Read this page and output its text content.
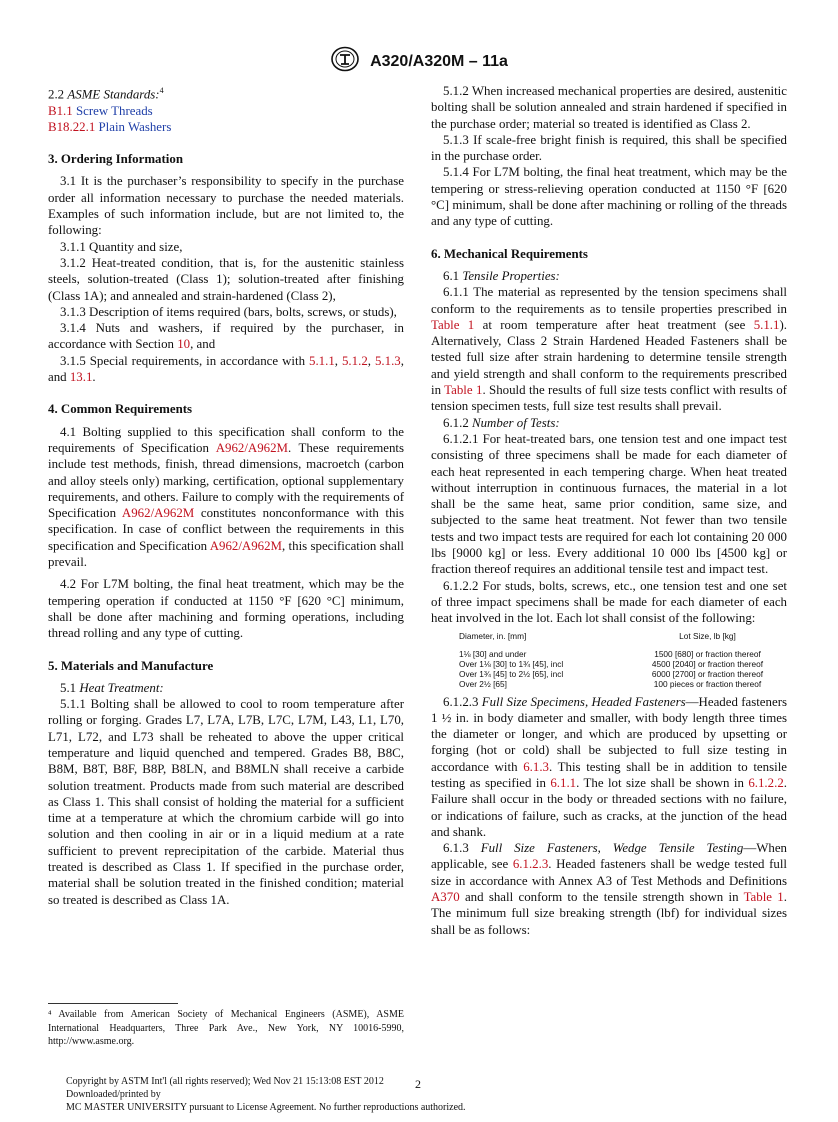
A320/A320M – 11a

2.2 ASME Standards:$^4$

B1.1 Screw Threads

B18.22.1 Plain Washers

3. Ordering Information

3.1 It is the purchaser’s responsibility to specify in the purchase order all information necessary to purchase the needed materials. Examples of such information include, but are not limited to, the following:

3.1.1 Quantity and size,

3.1.2 Heat-treated condition, that is, for the austenitic stainless steels, solution-treated (Class 1); solution-treated after finishing (Class 1A); and annealed and strain-hardened (Class 2),

3.1.3 Description of items required (bars, bolts, screws, or studs),

3.1.4 Nuts and washers, if required by the purchaser, in accordance with Section 10, and

3.1.5 Special requirements, in accordance with 5.1.1, 5.1.2, 5.1.3, and 13.1.

4. Common Requirements

4.1 Bolting supplied to this specification shall conform to the requirements of Specification A962/A962M. These requirements include test methods, finish, thread dimensions, macroetch (carbon and alloy steels only) marking, certification, optional supplementary requirements, and others. Failure to comply with the requirements of Specification A962/A962M constitutes nonconformance with this specification. In case of conflict between the requirements in this specification and Specification A962/A962M, this specification shall prevail.

4.2 For L7M bolting, the final heat treatment, which may be the tempering operation if conducted at 1150 °F [620 °C] minimum, shall be done after machining and forming operations, including thread rolling and any type of cutting.

5. Materials and Manufacture

5.1 Heat Treatment:

5.1.1 Bolting shall be allowed to cool to room temperature after rolling or forging. Grades L7, L7A, L7B, L7C, L7M, L43, L1, L70, L71, L72, and L73 shall be reheated to above the upper critical temperature and liquid quenched and tempered. Grades B8, B8C, B8M, B8T, B8F, B8P, B8LN, and B8MLN shall receive a carbide solution treatment. Products made from such material are described as Class 1. This shall consist of holding the material for a sufficient time at a temperature at which the chromium carbide will go into solution and then cooling in air or in a liquid medium at a rate sufficient to prevent reprecipitation of the carbide. Material thus treated is described as Class 1. If specified in the purchase order, material shall be solution treated in the finished condition; material so treated is described as Class 1A.

⁴ Available from American Society of Mechanical Engineers (ASME), ASME International Headquarters, Three Park Ave., New York, NY 10016-5990, http://www.asme.org.

5.1.2 When increased mechanical properties are desired, austenitic bolting shall be solution annealed and strain hardened if specified in the purchase order; material so treated is identified as Class 2.

5.1.3 If scale-free bright finish is required, this shall be specified in the purchase order.

5.1.4 For L7M bolting, the final heat treatment, which may be the tempering or stress-relieving operation conducted at 1150 °F [620 °C] minimum, shall be done after machining or rolling of the threads and any type of cutting.

6. Mechanical Requirements

6.1 Tensile Properties:

6.1.1 The material as represented by the tension specimens shall conform to the requirements as to tensile properties prescribed in Table 1 at room temperature after heat treatment (see 5.1.1). Alternatively, Class 2 Strain Hardened Headed Fasteners shall be tested full size after strain hardening to determine tensile strength and yield strength and shall conform to the requirements prescribed in Table 1. Should the results of full size tests conflict with results of tension specimen tests, full size test results shall prevail.

6.1.2 Number of Tests:

6.1.2.1 For heat-treated bars, one tension test and one impact test consisting of three specimens shall be made for each diameter of each heat represented in each tempering charge. When heat treated without interruption in continuous furnaces, the material in a lot shall be the same heat, same prior condition, same size, and subjected to the same heat treatment. Not fewer than two tensile tests and two impact tests are required for each lot containing 20 000 lbs [9000 kg] or less. Every additional 10 000 lbs [4500 kg] or fraction thereof requires an additional tensile test and impact test.

6.1.2.2 For studs, bolts, screws, etc., one tension test and one set of three impact specimens shall be made for each diameter of each heat involved in the lot. Each lot shall consist of the following:

Diameter, in. [mm]	Lot Size, lb [kg]
1⅛ [30] and under	1500 [680] or fraction thereof
Over 1⅛ [30] to 1¾ [45], incl	4500 [2040] or fraction thereof
Over 1¾ [45] to 2½ [65], incl	6000 [2700] or fraction thereof
Over 2½ [65]	100 pieces or fraction thereof

6.1.2.3 Full Size Specimens, Headed Fasteners—Headed fasteners 1 ½ in. in body diameter and smaller, with body length three times the diameter or longer, and which are produced by upsetting or forging (hot or cold) shall be subjected to full size testing in accordance with 6.1.3. This testing shall be in addition to tensile testing as specified in 6.1.1. The lot size shall be shown in 6.1.2.2. Failure shall occur in the body or threaded sections with no failure, or indications of failure, such as cracks, at the junction of the head and shank.

6.1.3 Full Size Fasteners, Wedge Tensile Testing—When applicable, see 6.1.2.3. Headed fasteners shall be wedge tested full size in accordance with Annex A3 of Test Methods and Definitions A370 and shall conform to the tensile strength shown in Table 1. The minimum full size breaking strength (lbf) for individual sizes shall be as follows:

Copyright by ASTM Int'l (all rights reserved); Wed Nov 21 15:13:08 EST 2012
Downloaded/printed by
MC MASTER UNIVERSITY pursuant to License Agreement. No further reproductions authorized.
2
